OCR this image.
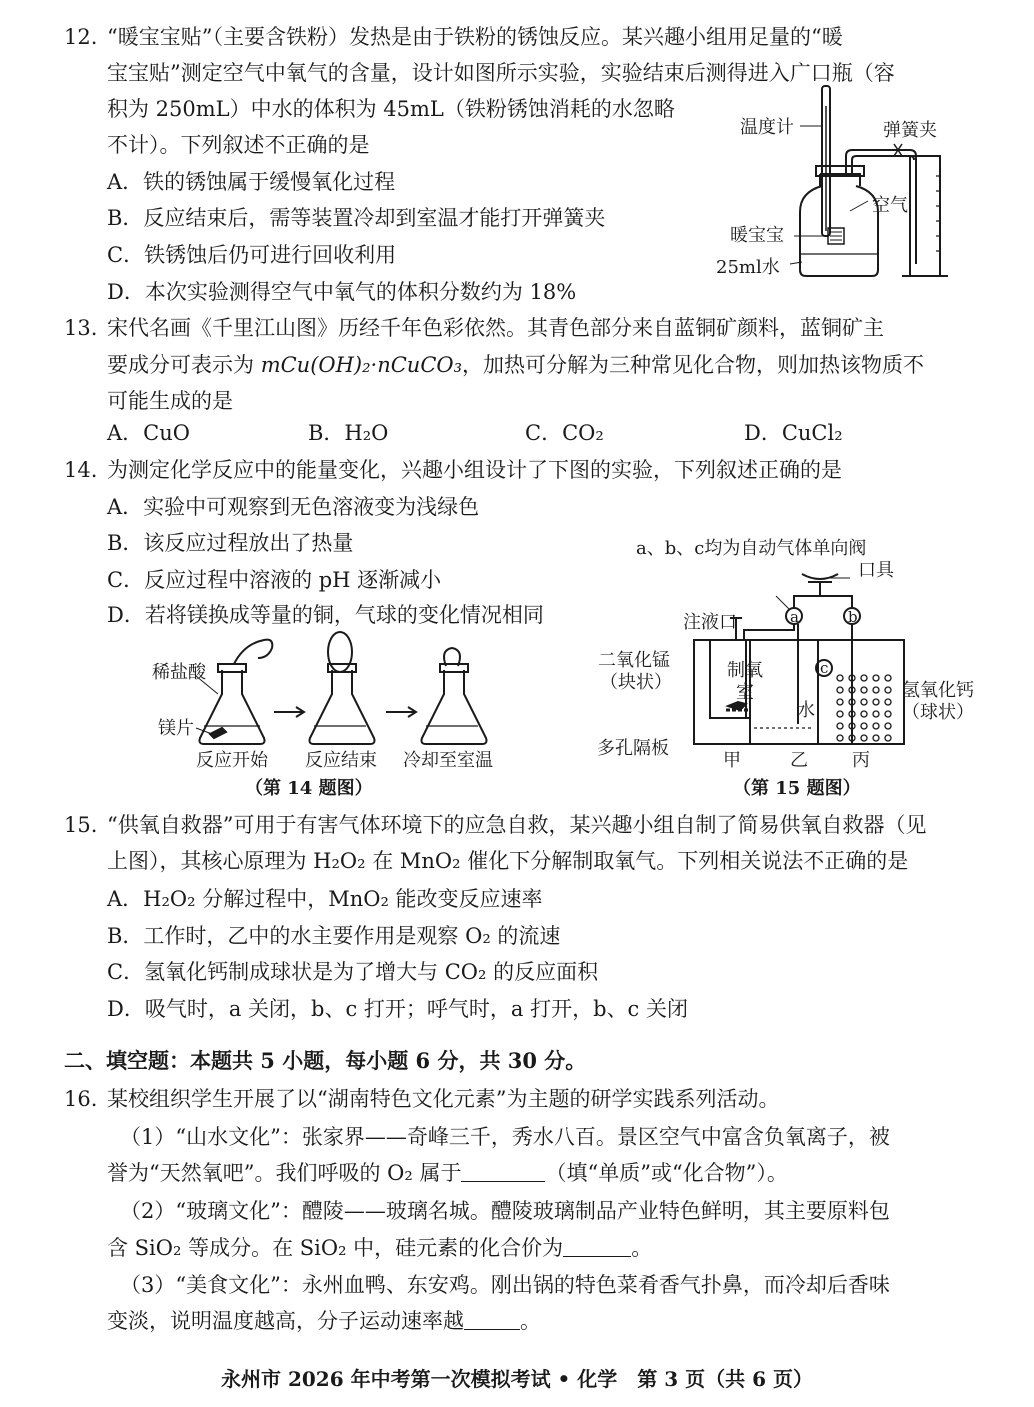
12. “暖宝宝贴”（主要含铁粉）发热是由于铁粉的锈蚀反应。某兴趣小组用足量的“暖
宝宝贴”测定空气中氧气的含量，设计如图所示实验，实验结束后测得进入广口瓶（容
积为 250mL）中水的体积为 45mL（铁粉锈蚀消耗的水忽略
不计）。下列叙述不正确的是
A．铁的锈蚀属于缓慢氧化过程
B．反应结束后，需等装置冷却到室温才能打开弹簧夹
C．铁锈蚀后仍可进行回收利用
D．本次实验测得空气中氧气的体积分数约为 18%
温度计	弹簧夹
空气
暖宝宝
25ml水
13. 宋代名画《千里江山图》历经千年色彩依然。其青色部分来自蓝铜矿颜料，蓝铜矿主
要成分可表示为 mCu(OH)₂·nCuCO₃，加热可分解为三种常见化合物，则加热该物质不
可能生成的是
A．CuO	B．H₂O	C．CO₂	D．CuCl₂
14. 为测定化学反应中的能量变化，兴趣小组设计了下图的实验，下列叙述正确的是
A．实验中可观察到无色溶液变为浅绿色
B．该反应过程放出了热量
C．反应过程中溶液的 pH 逐渐减小
D．若将镁换成等量的铜，气球的变化情况相同
稀盐酸
镁片
反应开始 反应结束 冷却至室温
（第 14 题图）
a、b、c均为自动气体单向阀
口具
注液口
二氧化锰
（块状）
制氧
室
水
多孔隔板
氢氧化钙
（球状）
a	b
c
甲	乙 丙
（第 15 题图）
15. “供氧自救器”可用于有害气体环境下的应急自救，某兴趣小组自制了简易供氧自救器（见
上图），其核心原理为 H₂O₂ 在 MnO₂ 催化下分解制取氧气。下列相关说法不正确的是
A．H₂O₂ 分解过程中，MnO₂ 能改变反应速率
B．工作时，乙中的水主要作用是观察 O₂ 的流速
C．氢氧化钙制成球状是为了增大与 CO₂ 的反应面积
D．吸气时，a 关闭，b、c 打开；呼气时，a 打开，b、c 关闭
二、填空题：本题共 5 小题，每小题 6 分，共 30 分。
16. 某校组织学生开展了以“湖南特色文化元素”为主题的研学实践系列活动。
（1）“山水文化”：张家界——奇峰三千，秀水八百。景区空气中富含负氧离子，被
誉为“天然氧吧”。我们呼吸的 O₂ 属于	（填“单质”或“化合物”）。
（2）“玻璃文化”：醴陵——玻璃名城。醴陵玻璃制品产业特色鲜明，其主要原料包
含 SiO₂ 等成分。在 SiO₂ 中，硅元素的化合价为	。
（3）“美食文化”：永州血鸭、东安鸡。刚出锅的特色菜肴香气扑鼻，而冷却后香味
变淡，说明温度越高，分子运动速率越	。
永州市 2026 年中考第一次模拟考试 • 化学　第 3 页（共 6 页）
